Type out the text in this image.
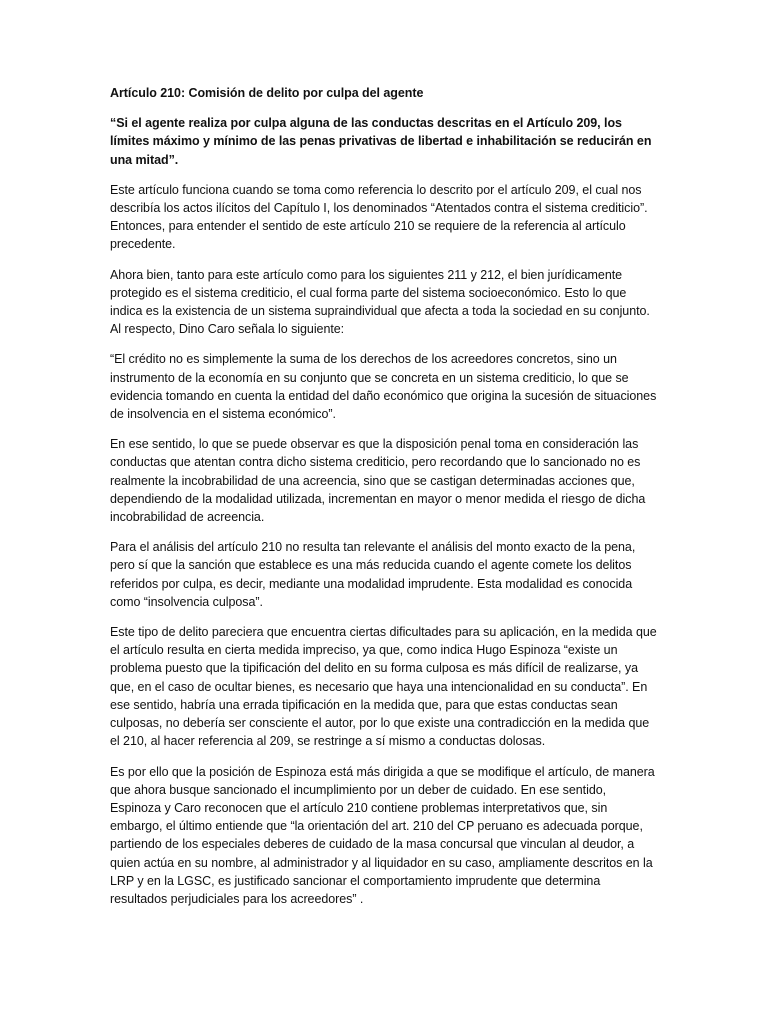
Artículo 210: Comisión de delito por culpa del agente

“Si el agente realiza por culpa alguna de las conductas descritas en el Artículo 209, los límites máximo y mínimo de las penas privativas de libertad e inhabilitación se reducirán en una mitad”.

Este artículo funciona cuando se toma como referencia lo descrito por el artículo 209, el cual nos describía los actos ilícitos del Capítulo I, los denominados “Atentados contra el sistema crediticio”. Entonces, para entender el sentido de este artículo 210 se requiere de la referencia al artículo precedente.

Ahora bien, tanto para este artículo como para los siguientes 211 y 212, el bien jurídicamente protegido es el sistema crediticio, el cual forma parte del sistema socioeconómico. Esto lo que indica es la existencia de un sistema supraindividual que afecta a toda la sociedad en su conjunto. Al respecto, Dino Caro señala lo siguiente:

“El crédito no es simplemente la suma de los derechos de los acreedores concretos, sino un instrumento de la economía en su conjunto que se concreta en un sistema crediticio, lo que se evidencia tomando en cuenta la entidad del daño económico que origina la sucesión de situaciones de insolvencia en el sistema económico”.

En ese sentido, lo que se puede observar es que la disposición penal toma en consideración las conductas que atentan contra dicho sistema crediticio, pero recordando que lo sancionado no es realmente la incobrabilidad de una acreencia, sino que se castigan determinadas acciones que, dependiendo de la modalidad utilizada, incrementan en mayor o menor medida el riesgo de dicha incobrabilidad de acreencia.

Para el análisis del artículo 210 no resulta tan relevante el análisis del monto exacto de la pena, pero sí que la sanción que establece es una más reducida cuando el agente comete los delitos referidos por culpa, es decir, mediante una modalidad imprudente. Esta modalidad es conocida como “insolvencia culposa”.

Este tipo de delito pareciera que encuentra ciertas dificultades para su aplicación, en la medida que el artículo resulta en cierta medida impreciso, ya que, como indica Hugo Espinoza “existe un problema puesto que la tipificación del delito en su forma culposa es más difícil de realizarse, ya que, en el caso de ocultar bienes, es necesario que haya una intencionalidad en su conducta”. En ese sentido, habría una errada tipificación en la medida que, para que estas conductas sean culposas, no debería ser consciente el autor, por lo que existe una contradicción en la medida que el 210, al hacer referencia al 209, se restringe a sí mismo a conductas dolosas.

Es por ello que la posición de Espinoza está más dirigida a que se modifique el artículo, de manera que ahora busque sancionado el incumplimiento por un deber de cuidado. En ese sentido, Espinoza y Caro reconocen que el artículo 210 contiene problemas interpretativos que, sin embargo, el último entiende que “la orientación del art. 210 del CP peruano es adecuada porque, partiendo de los especiales deberes de cuidado de la masa concursal que vinculan al deudor, a quien actúa en su nombre, al administrador y al liquidador en su caso, ampliamente descritos en la LRP y en la LGSC, es justificado sancionar el comportamiento imprudente que determina resultados perjudiciales para los acreedores” .
